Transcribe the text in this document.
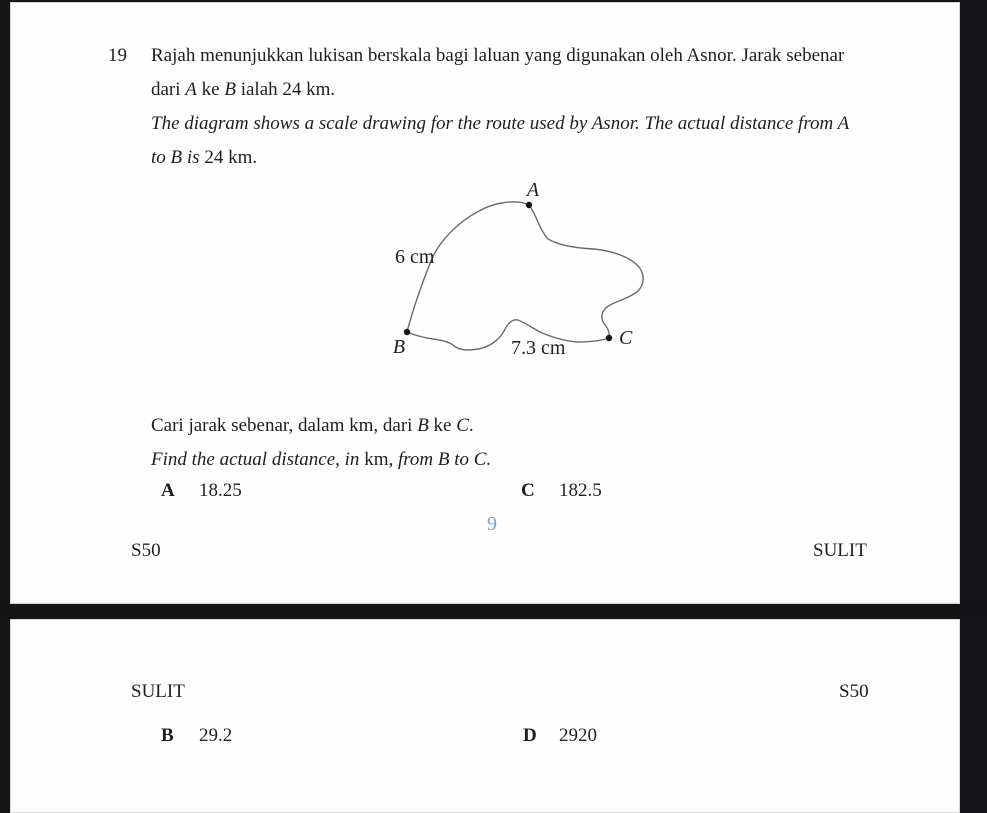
19 Rajah menunjukkan lukisan berskala bagi laluan yang digunakan oleh Asnor. Jarak sebenar
dari A ke B ialah 24 km.
The diagram shows a scale drawing for the route used by Asnor. The actual distance from A
to B is 24 km.
A
B	C
6 cm
7.3 cm
Cari jarak sebenar, dalam km, dari B ke C.
Find the actual distance, in km, from B to C.
A 18.25	C 182.5
9
S50	SULIT
SULIT	S50
B 29.2	D 2920
